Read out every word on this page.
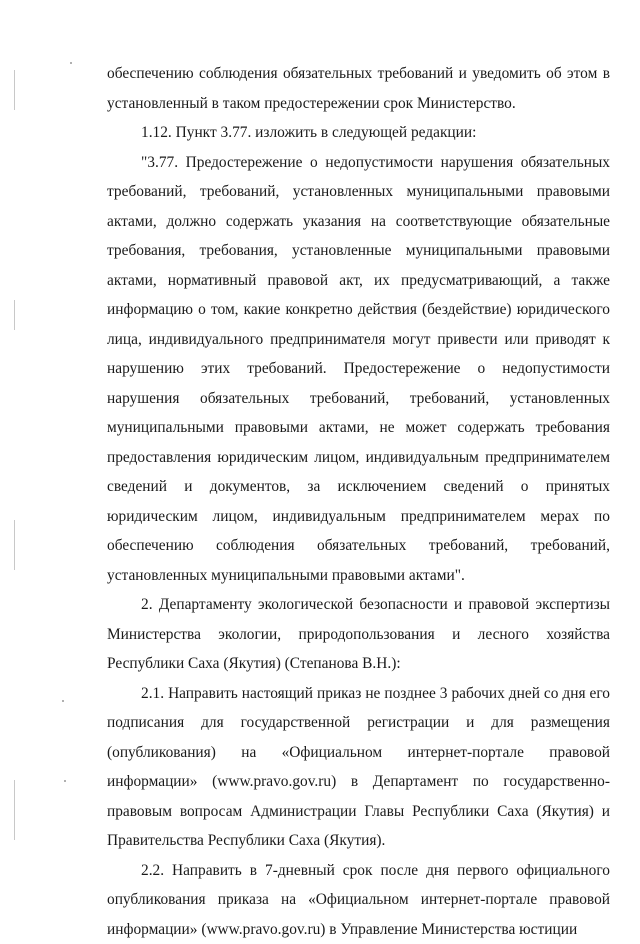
обеспечению соблюдения обязательных требований и уведомить об этом в установленный в таком предостережении срок Министерство.

1.12. Пункт 3.77. изложить в следующей редакции:

"3.77. Предостережение о недопустимости нарушения обязательных требований, требований, установленных муниципальными правовыми актами, должно содержать указания на соответствующие обязательные требования, требования, установленные муниципальными правовыми актами, нормативный правовой акт, их предусматривающий, а также информацию о том, какие конкретно действия (бездействие) юридического лица, индивидуального предпринимателя могут привести или приводят к нарушению этих требований. Предостережение о недопустимости нарушения обязательных требований, требований, установленных муниципальными правовыми актами, не может содержать требования предоставления юридическим лицом, индивидуальным предпринимателем сведений и документов, за исключением сведений о принятых юридическим лицом, индивидуальным предпринимателем мерах по обеспечению соблюдения обязательных требований, требований, установленных муниципальными правовыми актами".

2. Департаменту экологической безопасности и правовой экспертизы Министерства экологии, природопользования и лесного хозяйства Республики Саха (Якутия) (Степанова В.Н.):

2.1. Направить настоящий приказ не позднее 3 рабочих дней со дня его подписания для государственной регистрации и для размещения (опубликования) на «Официальном интернет-портале правовой информации» (www.pravo.gov.ru) в Департамент по государственно-правовым вопросам Администрации Главы Республики Саха (Якутия) и Правительства Республики Саха (Якутия).

2.2. Направить в 7-дневный срок после дня первого официального опубликования приказа на «Официальном интернет-портале правовой информации» (www.pravo.gov.ru) в Управление Министерства юстиции
